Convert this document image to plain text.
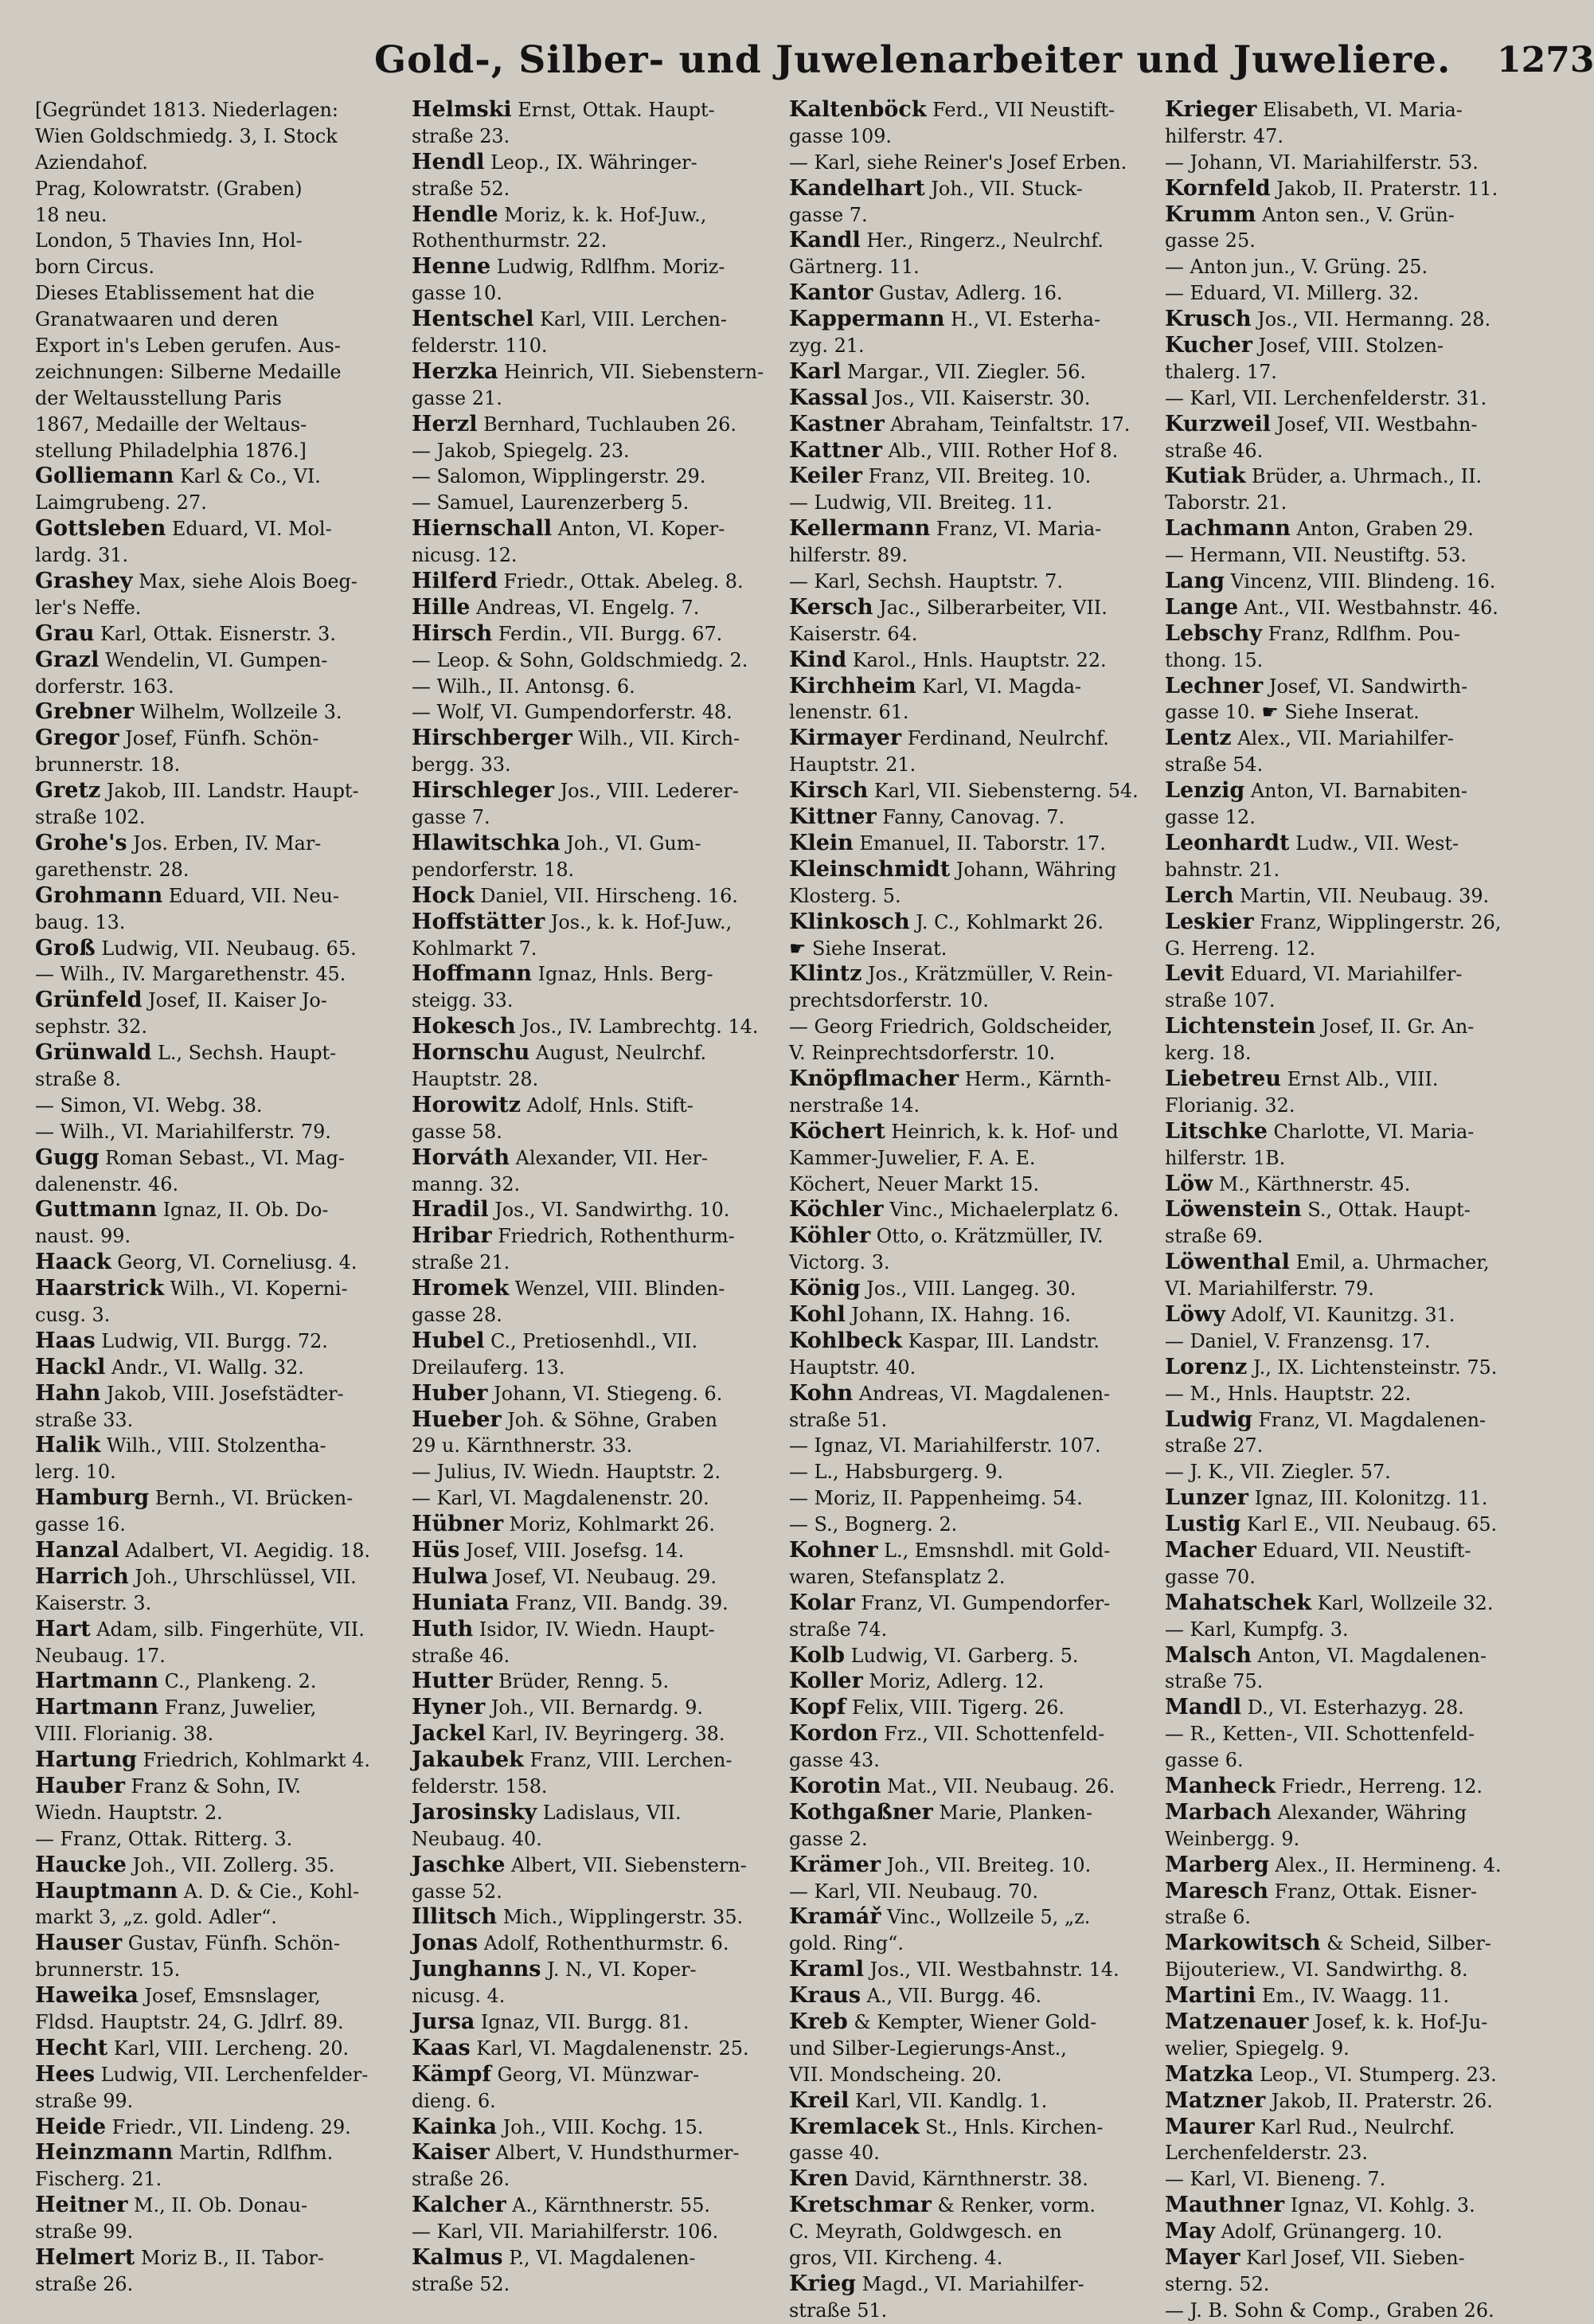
Gold-, Silber- und Juwelenarbeiter und Juweliere. 1273
[Gegründet 1813. Niederlagen:
Wien Goldschmiedg. 3, I. Stock
Aziendahof.
Prag, Kolowratstr. (Graben)
18 neu.
London, 5 Thavies Inn, Hol-
born Circus.
Dieses Etablissement hat die
Granatwaaren und deren
Export in's Leben gerufen. Aus-
zeichnungen: Silberne Medaille
der Weltausstellung Paris
1867, Medaille der Weltaus-
stellung Philadelphia 1876.]
Golliemann Karl & Co., VI.
Laimgrubeng. 27.
Gottsleben Eduard, VI. Mol-
lardg. 31.
Grashey Max, siehe Alois Boeg-
ler's Neffe.
Grau Karl, Ottak. Eisnerstr. 3.
Grazl Wendelin, VI. Gumpen-
dorferstr. 163.
Grebner Wilhelm, Wollzeile 3.
Gregor Josef, Fünfh. Schön-
brunnerstr. 18.
Gretz Jakob, III. Landstr. Haupt-
straße 102.
Grohe's Jos. Erben, IV. Mar-
garethenstr. 28.
Grohmann Eduard, VII. Neu-
baug. 13.
Groß Ludwig, VII. Neubaug. 65.
— Wilh., IV. Margarethenstr. 45.
Grünfeld Josef, II. Kaiser Jo-
sephstr. 32.
Grünwald L., Sechsh. Haupt-
straße 8.
— Simon, VI. Webg. 38.
— Wilh., VI. Mariahilferstr. 79.
Gugg Roman Sebast., VI. Mag-
dalenenstr. 46.
Guttmann Ignaz, II. Ob. Do-
naust. 99.
Haack Georg, VI. Corneliusg. 4.
Haarstrick Wilh., VI. Koperni-
cusg. 3.
Haas Ludwig, VII. Burgg. 72.
Hackl Andr., VI. Wallg. 32.
Hahn Jakob, VIII. Josefstädter-
straße 33.
Halik Wilh., VIII. Stolzentha-
lerg. 10.
Hamburg Bernh., VI. Brücken-
gasse 16.
Hanzal Adalbert, VI. Aegidig. 18.
Harrich Joh., Uhrschlüssel, VII.
Kaiserstr. 3.
Hart Adam, silb. Fingerhüte, VII.
Neubaug. 17.
Hartmann C., Plankeng. 2.
Hartmann Franz, Juwelier,
VIII. Florianig. 38.
Hartung Friedrich, Kohlmarkt 4.
Hauber Franz & Sohn, IV.
Wiedn. Hauptstr. 2.
— Franz, Ottak. Ritterg. 3.
Haucke Joh., VII. Zollerg. 35.
Hauptmann A. D. & Cie., Kohl-
markt 3, „z. gold. Adler“.
Hauser Gustav, Fünfh. Schön-
brunnerstr. 15.
Haweika Josef, Emsnslager,
Fldsd. Hauptstr. 24, G. Jdlrf. 89.
Hecht Karl, VIII. Lercheng. 20.
Hees Ludwig, VII. Lerchenfelder-
straße 99.
Heide Friedr., VII. Lindeng. 29.
Heinzmann Martin, Rdlfhm.
Fischerg. 21.
Heitner M., II. Ob. Donau-
straße 99.
Helmert Moriz B., II. Tabor-
straße 26.
Helmski Ernst, Ottak. Haupt-
straße 23.
Hendl Leop., IX. Währinger-
straße 52.
Hendle Moriz, k. k. Hof-Juw.,
Rothenthurmstr. 22.
Henne Ludwig, Rdlfhm. Moriz-
gasse 10.
Hentschel Karl, VIII. Lerchen-
felderstr. 110.
Herzka Heinrich, VII. Siebenstern-
gasse 21.
Herzl Bernhard, Tuchlauben 26.
— Jakob, Spiegelg. 23.
— Salomon, Wipplingerstr. 29.
— Samuel, Laurenzerberg 5.
Hiernschall Anton, VI. Koper-
nicusg. 12.
Hilferd Friedr., Ottak. Abeleg. 8.
Hille Andreas, VI. Engelg. 7.
Hirsch Ferdin., VII. Burgg. 67.
— Leop. & Sohn, Goldschmiedg. 2.
— Wilh., II. Antonsg. 6.
— Wolf, VI. Gumpendorferstr. 48.
Hirschberger Wilh., VII. Kirch-
bergg. 33.
Hirschleger Jos., VIII. Lederer-
gasse 7.
Hlawitschka Joh., VI. Gum-
pendorferstr. 18.
Hock Daniel, VII. Hirscheng. 16.
Hoffstätter Jos., k. k. Hof-Juw.,
Kohlmarkt 7.
Hoffmann Ignaz, Hnls. Berg-
steigg. 33.
Hokesch Jos., IV. Lambrechtg. 14.
Hornschu August, Neulrchf.
Hauptstr. 28.
Horowitz Adolf, Hnls. Stift-
gasse 58.
Horváth Alexander, VII. Her-
manng. 32.
Hradil Jos., VI. Sandwirthg. 10.
Hribar Friedrich, Rothenthurm-
straße 21.
Hromek Wenzel, VIII. Blinden-
gasse 28.
Hubel C., Pretiosenhdl., VII.
Dreilauferg. 13.
Huber Johann, VI. Stiegeng. 6.
Hueber Joh. & Söhne, Graben
29 u. Kärnthnerstr. 33.
— Julius, IV. Wiedn. Hauptstr. 2.
— Karl, VI. Magdalenenstr. 20.
Hübner Moriz, Kohlmarkt 26.
Hüs Josef, VIII. Josefsg. 14.
Hulwa Josef, VI. Neubaug. 29.
Huniata Franz, VII. Bandg. 39.
Huth Isidor, IV. Wiedn. Haupt-
straße 46.
Hutter Brüder, Renng. 5.
Hyner Joh., VII. Bernardg. 9.
Jackel Karl, IV. Beyringerg. 38.
Jakaubek Franz, VIII. Lerchen-
felderstr. 158.
Jarosinsky Ladislaus, VII.
Neubaug. 40.
Jaschke Albert, VII. Siebenstern-
gasse 52.
Illitsch Mich., Wipplingerstr. 35.
Jonas Adolf, Rothenthurmstr. 6.
Junghanns J. N., VI. Koper-
nicusg. 4.
Jursa Ignaz, VII. Burgg. 81.
Kaas Karl, VI. Magdalenenstr. 25.
Kämpf Georg, VI. Münzwar-
dieng. 6.
Kainka Joh., VIII. Kochg. 15.
Kaiser Albert, V. Hundsthurmer-
straße 26.
Kalcher A., Kärnthnerstr. 55.
— Karl, VII. Mariahilferstr. 106.
Kalmus P., VI. Magdalenen-
straße 52.
Kaltenböck Ferd., VII Neustift-
gasse 109.
— Karl, siehe Reiner's Josef Erben.
Kandelhart Joh., VII. Stuck-
gasse 7.
Kandl Her., Ringerz., Neulrchf.
Gärtnerg. 11.
Kantor Gustav, Adlerg. 16.
Kappermann H., VI. Esterha-
zyg. 21.
Karl Margar., VII. Ziegler. 56.
Kassal Jos., VII. Kaiserstr. 30.
Kastner Abraham, Teinfaltstr. 17.
Kattner Alb., VIII. Rother Hof 8.
Keiler Franz, VII. Breiteg. 10.
— Ludwig, VII. Breiteg. 11.
Kellermann Franz, VI. Maria-
hilferstr. 89.
— Karl, Sechsh. Hauptstr. 7.
Kersch Jac., Silberarbeiter, VII.
Kaiserstr. 64.
Kind Karol., Hnls. Hauptstr. 22.
Kirchheim Karl, VI. Magda-
lenenstr. 61.
Kirmayer Ferdinand, Neulrchf.
Hauptstr. 21.
Kirsch Karl, VII. Siebensterng. 54.
Kittner Fanny, Canovag. 7.
Klein Emanuel, II. Taborstr. 17.
Kleinschmidt Johann, Währing
Klosterg. 5.
Klinkosch J. C., Kohlmarkt 26.
☛ Siehe Inserat.
Klintz Jos., Krätzmüller, V. Rein-
prechtsdorferstr. 10.
— Georg Friedrich, Goldscheider,
V. Reinprechtsdorferstr. 10.
Knöpflmacher Herm., Kärnth-
nerstraße 14.
Köchert Heinrich, k. k. Hof- und
Kammer-Juwelier, F. A. E.
Köchert, Neuer Markt 15.
Köchler Vinc., Michaelerplatz 6.
Köhler Otto, o. Krätzmüller, IV.
Victorg. 3.
König Jos., VIII. Langeg. 30.
Kohl Johann, IX. Hahng. 16.
Kohlbeck Kaspar, III. Landstr.
Hauptstr. 40.
Kohn Andreas, VI. Magdalenen-
straße 51.
— Ignaz, VI. Mariahilferstr. 107.
— L., Habsburgerg. 9.
— Moriz, II. Pappenheimg. 54.
— S., Bognerg. 2.
Kohner L., Emsnshdl. mit Gold-
waren, Stefansplatz 2.
Kolar Franz, VI. Gumpendorfer-
straße 74.
Kolb Ludwig, VI. Garberg. 5.
Koller Moriz, Adlerg. 12.
Kopf Felix, VIII. Tigerg. 26.
Kordon Frz., VII. Schottenfeld-
gasse 43.
Korotin Mat., VII. Neubaug. 26.
Kothgaßner Marie, Planken-
gasse 2.
Krämer Joh., VII. Breiteg. 10.
— Karl, VII. Neubaug. 70.
Kramář Vinc., Wollzeile 5, „z.
gold. Ring“.
Kraml Jos., VII. Westbahnstr. 14.
Kraus A., VII. Burgg. 46.
Kreb & Kempter, Wiener Gold-
und Silber-Legierungs-Anst.,
VII. Mondscheing. 20.
Kreil Karl, VII. Kandlg. 1.
Kremlacek St., Hnls. Kirchen-
gasse 40.
Kren David, Kärnthnerstr. 38.
Kretschmar & Renker, vorm.
C. Meyrath, Goldwgesch. en
gros, VII. Kircheng. 4.
Krieg Magd., VI. Mariahilfer-
straße 51.
Krieger Elisabeth, VI. Maria-
hilferstr. 47.
— Johann, VI. Mariahilferstr. 53.
Kornfeld Jakob, II. Praterstr. 11.
Krumm Anton sen., V. Grün-
gasse 25.
— Anton jun., V. Grüng. 25.
— Eduard, VI. Millerg. 32.
Krusch Jos., VII. Hermanng. 28.
Kucher Josef, VIII. Stolzen-
thalerg. 17.
— Karl, VII. Lerchenfelderstr. 31.
Kurzweil Josef, VII. Westbahn-
straße 46.
Kutiak Brüder, a. Uhrmach., II.
Taborstr. 21.
Lachmann Anton, Graben 29.
— Hermann, VII. Neustiftg. 53.
Lang Vincenz, VIII. Blindeng. 16.
Lange Ant., VII. Westbahnstr. 46.
Lebschy Franz, Rdlfhm. Pou-
thong. 15.
Lechner Josef, VI. Sandwirth-
gasse 10. ☛ Siehe Inserat.
Lentz Alex., VII. Mariahilfer-
straße 54.
Lenzig Anton, VI. Barnabiten-
gasse 12.
Leonhardt Ludw., VII. West-
bahnstr. 21.
Lerch Martin, VII. Neubaug. 39.
Leskier Franz, Wipplingerstr. 26,
G. Herreng. 12.
Levit Eduard, VI. Mariahilfer-
straße 107.
Lichtenstein Josef, II. Gr. An-
kerg. 18.
Liebetreu Ernst Alb., VIII.
Florianig. 32.
Litschke Charlotte, VI. Maria-
hilferstr. 1B.
Löw M., Kärthnerstr. 45.
Löwenstein S., Ottak. Haupt-
straße 69.
Löwenthal Emil, a. Uhrmacher,
VI. Mariahilferstr. 79.
Löwy Adolf, VI. Kaunitzg. 31.
— Daniel, V. Franzensg. 17.
Lorenz J., IX. Lichtensteinstr. 75.
— M., Hnls. Hauptstr. 22.
Ludwig Franz, VI. Magdalenen-
straße 27.
— J. K., VII. Ziegler. 57.
Lunzer Ignaz, III. Kolonitzg. 11.
Lustig Karl E., VII. Neubaug. 65.
Macher Eduard, VII. Neustift-
gasse 70.
Mahatschek Karl, Wollzeile 32.
— Karl, Kumpfg. 3.
Malsch Anton, VI. Magdalenen-
straße 75.
Mandl D., VI. Esterhazyg. 28.
— R., Ketten-, VII. Schottenfeld-
gasse 6.
Manheck Friedr., Herreng. 12.
Marbach Alexander, Währing
Weinbergg. 9.
Marberg Alex., II. Hermineng. 4.
Maresch Franz, Ottak. Eisner-
straße 6.
Markowitsch & Scheid, Silber-
Bijouteriew., VI. Sandwirthg. 8.
Martini Em., IV. Waagg. 11.
Matzenauer Josef, k. k. Hof-Ju-
welier, Spiegelg. 9.
Matzka Leop., VI. Stumperg. 23.
Matzner Jakob, II. Praterstr. 26.
Maurer Karl Rud., Neulrchf.
Lerchenfelderstr. 23.
— Karl, VI. Bieneng. 7.
Mauthner Ignaz, VI. Kohlg. 3.
May Adolf, Grünangerg. 10.
Mayer Karl Josef, VII. Sieben-
sterng. 52.
— J. B. Sohn & Comp., Graben 26.
